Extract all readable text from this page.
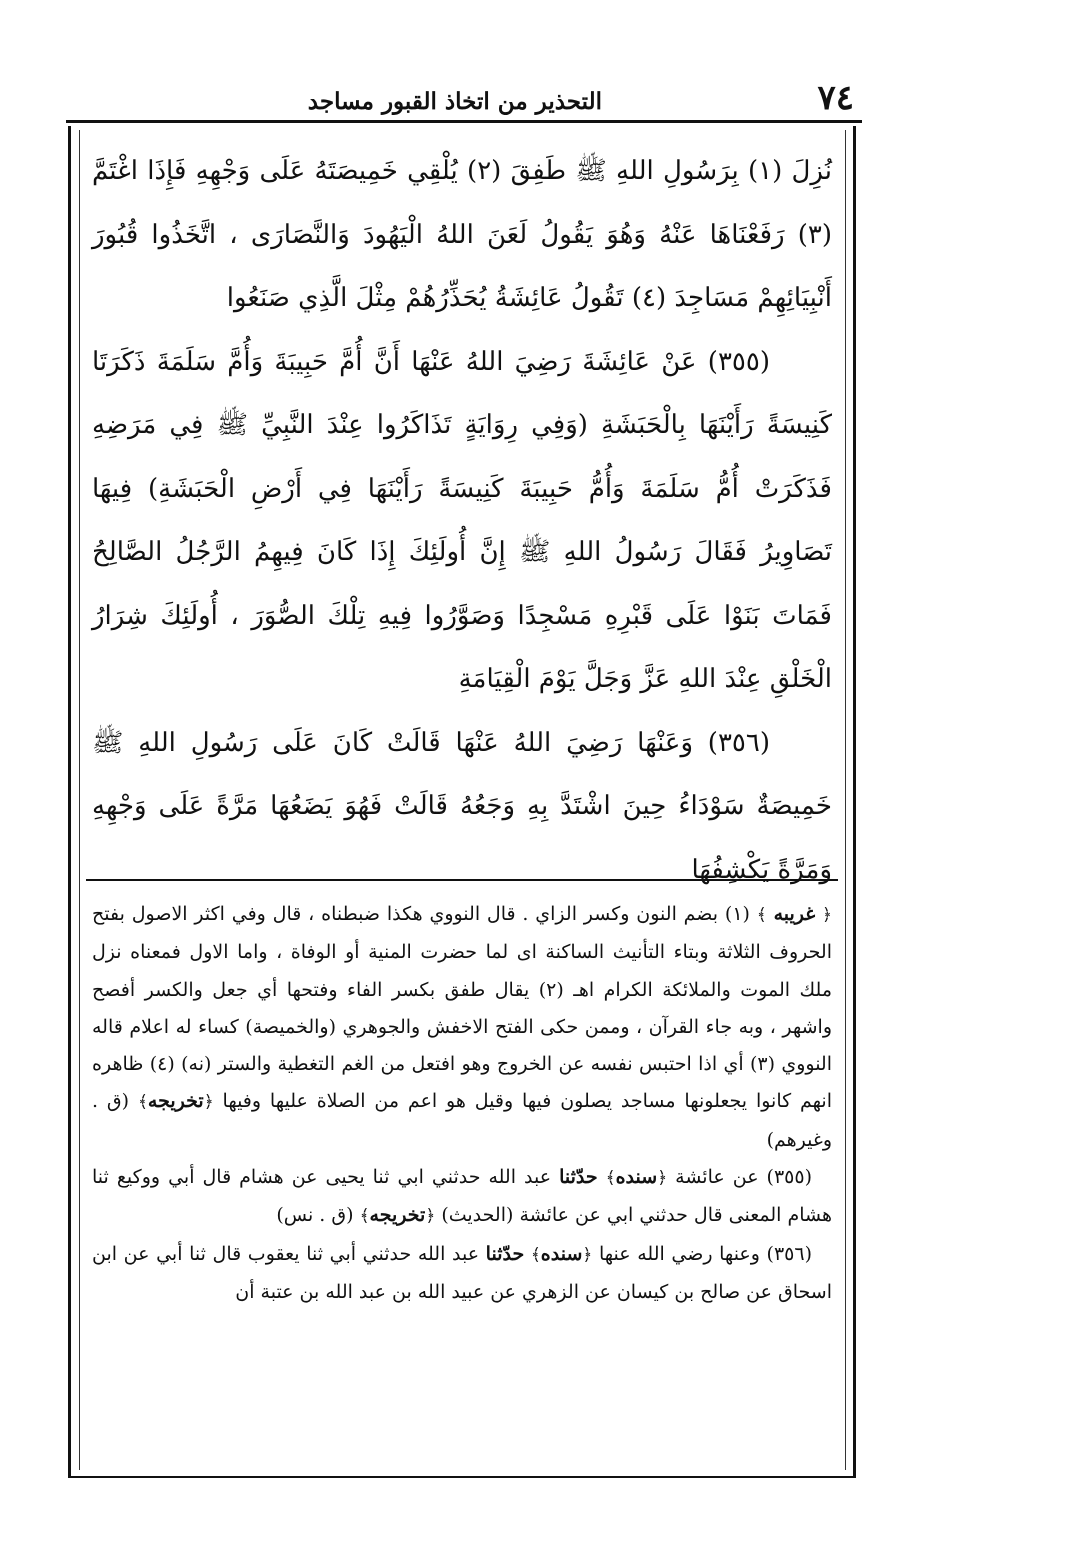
٧٤
التحذير من اتخاذ القبور مساجد

نُزِلَ (١) بِرَسُولِ اللهِ ﷺ طَفِقَ (٢) يُلْقِي خَمِيصَتَهُ عَلَى وَجْهِهِ فَإِذَا اغْتَمَّ (٣) رَفَعْنَاهَا عَنْهُ وَهُوَ يَقُولُ لَعَنَ اللهُ الْيَهُودَ وَالنَّصَارَى ، اتَّخَذُوا قُبُورَ أَنْبِيَائِهِمْ مَسَاجِدَ (٤) تَقُولُ عَائِشَةُ يُحَذِّرُهُمْ مِثْلَ الَّذِي صَنَعُوا

(٣٥٥) عَنْ عَائِشَةَ رَضِيَ اللهُ عَنْهَا أَنَّ أُمَّ حَبِيبَةَ وَأُمَّ سَلَمَةَ ذَكَرَتَا كَنِيسَةً رَأَيْنَهَا بِالْحَبَشَةِ (وَفِي رِوَايَةٍ تَذَاكَرُوا عِنْدَ النَّبِيِّ ﷺ فِي مَرَضِهِ فَذَكَرَتْ أُمُّ سَلَمَةَ وَأُمُّ حَبِيبَةَ كَنِيسَةً رَأَيْنَهَا فِي أَرْضِ الْحَبَشَةِ) فِيهَا تَصَاوِيرُ فَقَالَ رَسُولُ اللهِ ﷺ إِنَّ أُولَئِكَ إِذَا كَانَ فِيهِمُ الرَّجُلُ الصَّالِحُ فَمَاتَ بَنَوْا عَلَى قَبْرِهِ مَسْجِدًا وَصَوَّرُوا فِيهِ تِلْكَ الصُّوَرَ ، أُولَئِكَ شِرَارُ الْخَلْقِ عِنْدَ اللهِ عَزَّ وَجَلَّ يَوْمَ الْقِيَامَةِ

(٣٥٦) وَعَنْهَا رَضِيَ اللهُ عَنْهَا قَالَتْ كَانَ عَلَى رَسُولِ اللهِ ﷺ خَمِيصَةٌ سَوْدَاءُ حِينَ اشْتَدَّ بِهِ وَجَعُهُ قَالَتْ فَهُوَ يَضَعُهَا مَرَّةً عَلَى وَجْهِهِ وَمَرَّةً يَكْشِفُهَا

﴿ غريبه ﴾ (١) بضم النون وكسر الزاي . قال النووي هكذا ضبطناه ، قال وفي اكثر الاصول بفتح الحروف الثلاثة وبتاء التأنيث الساكنة اى لما حضرت المنية أو الوفاة ، واما الاول فمعناه نزل ملك الموت والملائكة الكرام اهـ (٢) يقال طفق بكسر الفاء وفتحها أي جعل والكسر أفصح واشهر ، وبه جاء القرآن ، وممن حكى الفتح الاخفش والجوهري (والخميصة) كساء له اعلام قاله النووي (٣) أي اذا احتبس نفسه عن الخروج وهو افتعل من الغم التغطية والستر (نه) (٤) ظاهره انهم كانوا يجعلونها مساجد يصلون فيها وقيل هو اعم من الصلاة عليها وفيها ﴿تخريجه﴾ (ق . وغيرهم)

(٣٥٥) عن عائشة ﴿سنده﴾ حدّثنا عبد الله حدثني ابي ثنا يحيى عن هشام قال أبي ووكيع ثنا هشام المعنى قال حدثني ابي عن عائشة (الحديث) ﴿تخريجه﴾ (ق . نس)

(٣٥٦) وعنها رضي الله عنها ﴿سنده﴾ حدّثنا عبد الله حدثني أبي ثنا يعقوب قال ثنا أبي عن ابن اسحاق عن صالح بن كيسان عن الزهري عن عبيد الله بن عبد الله بن عتبة أن
